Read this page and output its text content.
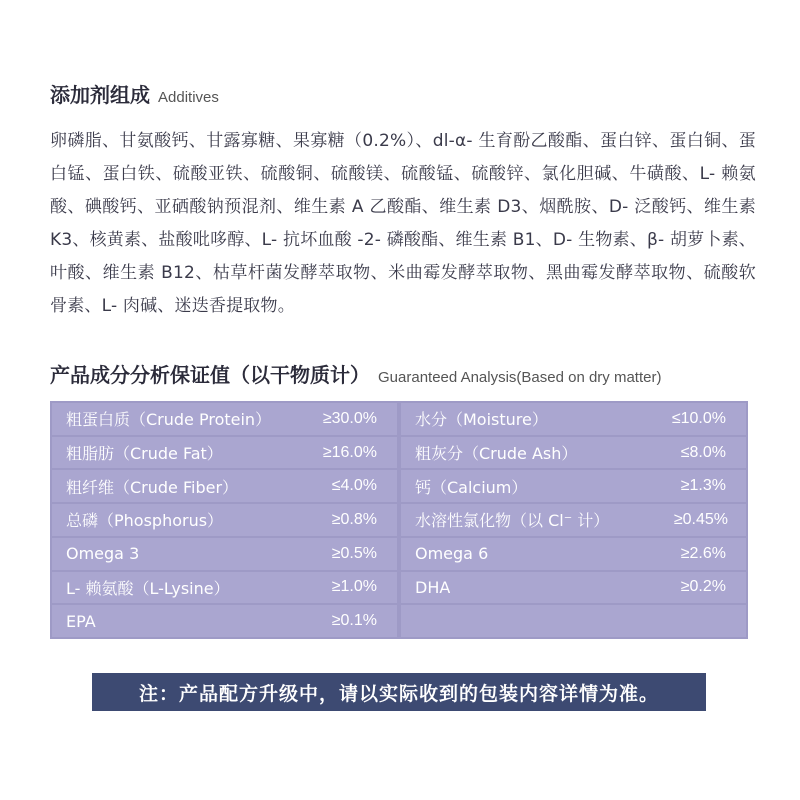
添加剂组成 Additives
卵磷脂、甘氨酸钙、甘露寡糖、果寡糖（0.2%）、dl-α- 生育酚乙酸酯、蛋白锌、蛋白铜、蛋白锰、蛋白铁、硫酸亚铁、硫酸铜、硫酸镁、硫酸锰、硫酸锌、氯化胆碱、牛磺酸、L- 赖氨酸、碘酸钙、亚硒酸钠预混剂、维生素 A 乙酸酯、维生素 D3、烟酰胺、D- 泛酸钙、维生素 K3、核黄素、盐酸吡哆醇、L- 抗坏血酸 -2- 磷酸酯、维生素 B1、D- 生物素、β- 胡萝卜素、叶酸、维生素 B12、枯草杆菌发酵萃取物、米曲霉发酵萃取物、黑曲霉发酵萃取物、硫酸软骨素、L- 肉碱、迷迭香提取物。
产品成分分析保证值（以干物质计） Guaranteed Analysis(Based on dry matter)
粗蛋白质（Crude Protein）	≥30.0% 水分（Moisture）	≤10.0%
粗脂肪（Crude Fat）	≥16.0% 粗灰分（Crude Ash）	≤8.0%
粗纤维（Crude Fiber）	≤4.0% 钙（Calcium）	≥1.3%
总磷（Phosphorus）	≥0.8% 水溶性氯化物（以 Cl⁻ 计）	≥0.45%
Omega 3	≥0.5% Omega 6	≥2.6%
L- 赖氨酸（L-Lysine）	≥1.0% DHA	≥0.2%
EPA	≥0.1%
注：产品配方升级中，请以实际收到的包装内容详情为准。
